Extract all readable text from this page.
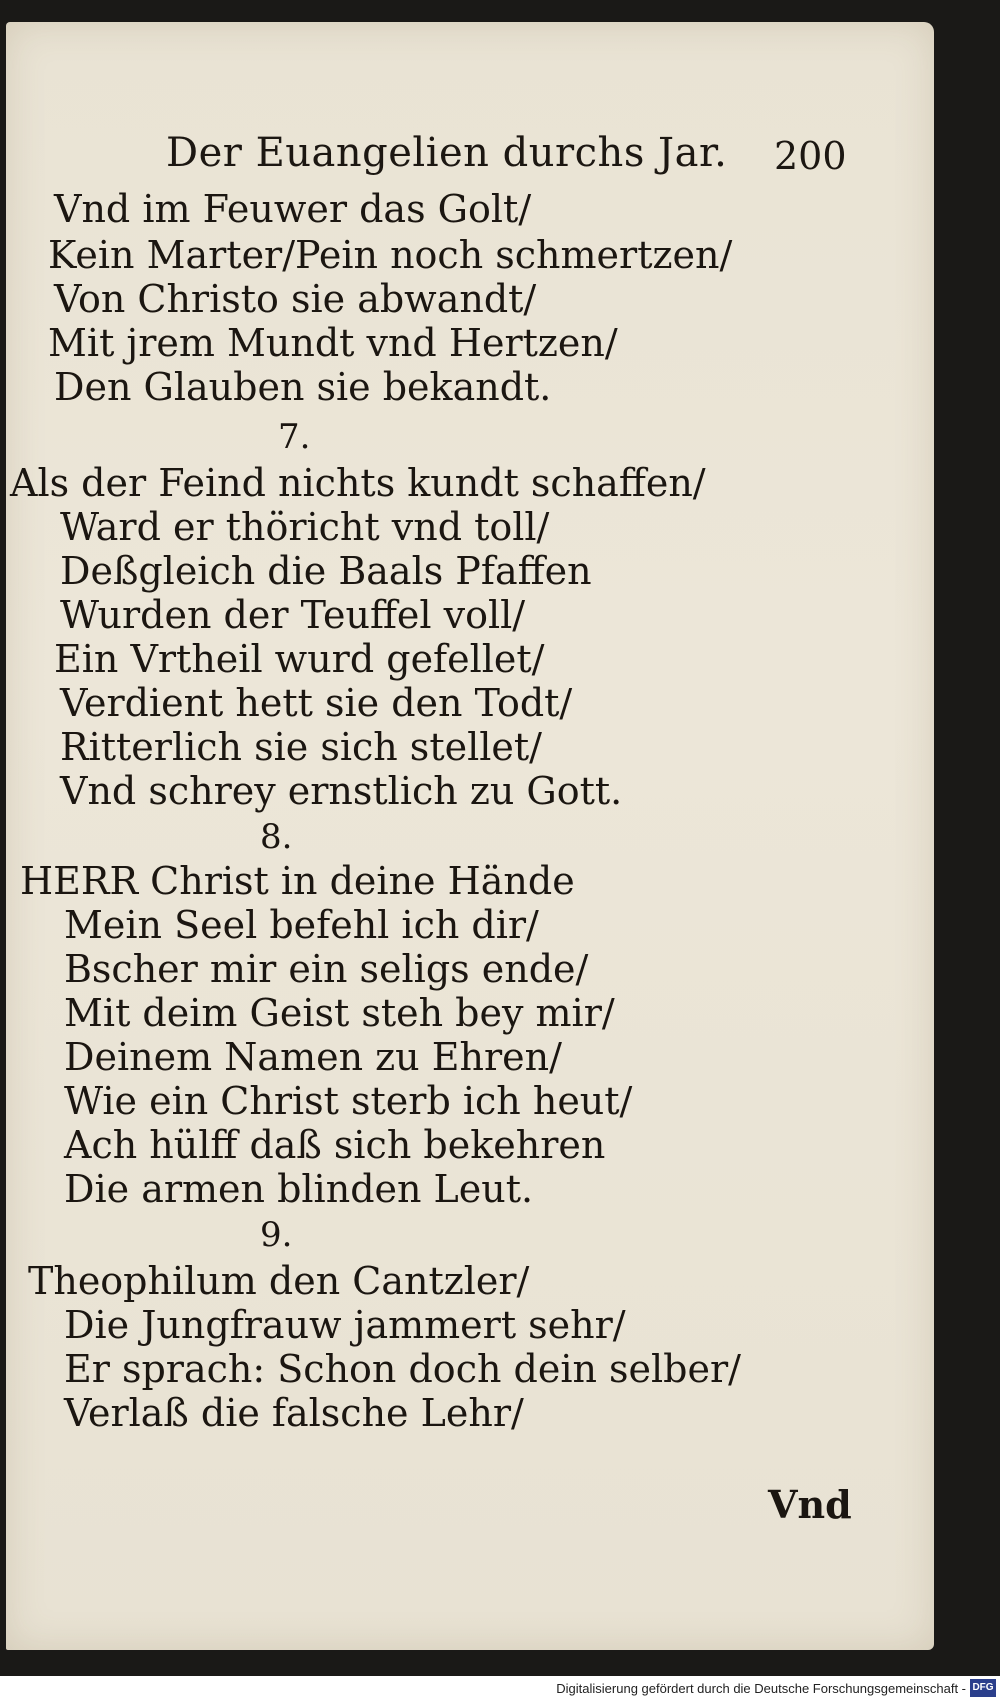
Der Euangelien durchs Jar. 200
Vnd im Feuwer das Golt/
Kein Marter/Pein noch schmertzen/
Von Christo sie abwandt/
Mit jrem Mundt vnd Hertzen/
Den Glauben sie bekandt.
7.
Als der Feind nichts kundt schaffen/
Ward er thöricht vnd toll/
Deßgleich die Baals Pfaffen
Wurden der Teuffel voll/
Ein Vrtheil wurd gefellet/
Verdient hett sie den Todt/
Ritterlich sie sich stellet/
Vnd schrey ernstlich zu Gott.
8.
HERR Christ in deine Hände
Mein Seel befehl ich dir/
Bscher mir ein seligs ende/
Mit deim Geist steh bey mir/
Deinem Namen zu Ehren/
Wie ein Christ sterb ich heut/
Ach hülff daß sich bekehren
Die armen blinden Leut.
9.
Theophilum den Cantzler/
Die Jungfrauw jammert sehr/
Er sprach: Schon doch dein selber/
Verlaß die falsche Lehr/
Vnd
Digitalisierung gefördert durch die Deutsche Forschungsgemeinschaft - DFG
